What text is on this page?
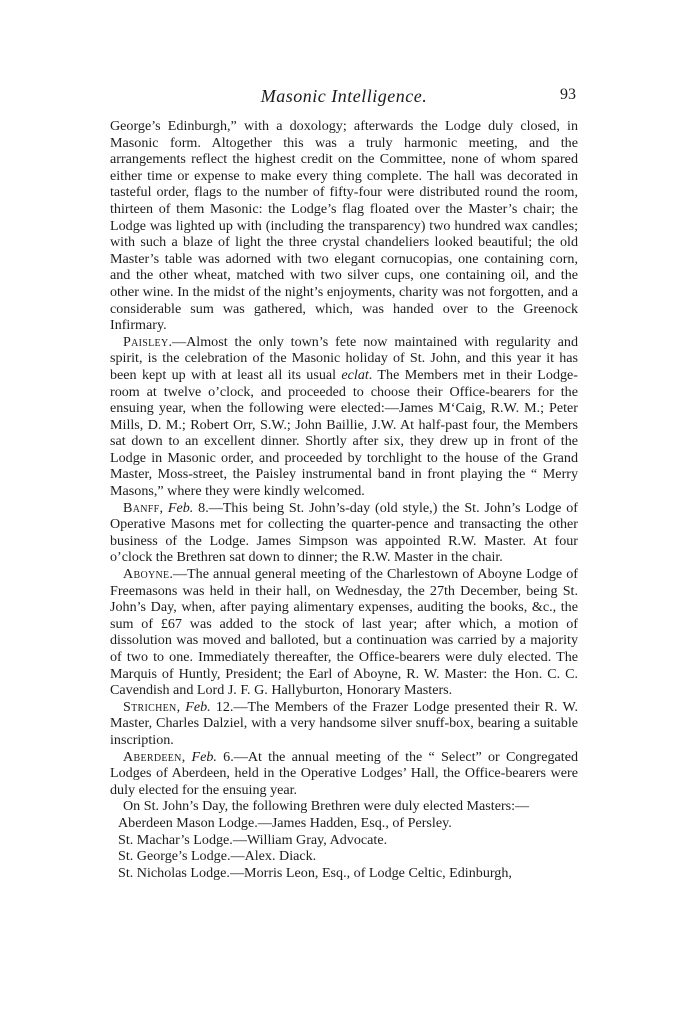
Masonic Intelligence.	93

George’s Edinburgh,” with a doxology; afterwards the Lodge duly closed, in Masonic form. Altogether this was a truly harmonic meeting, and the arrangements reflect the highest credit on the Committee, none of whom spared either time or expense to make every thing complete. The hall was decorated in tasteful order, flags to the number of fifty-four were distributed round the room, thirteen of them Masonic: the Lodge’s flag floated over the Master’s chair; the Lodge was lighted up with (including the transparency) two hundred wax candles; with such a blaze of light the three crystal chandeliers looked beautiful; the old Master’s table was adorned with two elegant cornucopias, one containing corn, and the other wheat, matched with two silver cups, one containing oil, and the other wine. In the midst of the night’s enjoyments, charity was not forgotten, and a considerable sum was gathered, which, was handed over to the Greenock Infirmary.

Paisley.—Almost the only town’s fete now maintained with regularity and spirit, is the celebration of the Masonic holiday of St. John, and this year it has been kept up with at least all its usual eclat. The Members met in their Lodge-room at twelve o’clock, and proceeded to choose their Office-bearers for the ensuing year, when the following were elected:—James M‘Caig, R.W. M.; Peter Mills, D. M.; Robert Orr, S.W.; John Baillie, J.W. At half-past four, the Members sat down to an excellent dinner. Shortly after six, they drew up in front of the Lodge in Masonic order, and proceeded by torchlight to the house of the Grand Master, Moss-street, the Paisley instrumental band in front playing the “ Merry Masons,” where they were kindly welcomed.

Banff, Feb. 8.—This being St. John’s-day (old style,) the St. John’s Lodge of Operative Masons met for collecting the quarter-pence and transacting the other business of the Lodge. James Simpson was appointed R.W. Master. At four o’clock the Brethren sat down to dinner; the R.W. Master in the chair.

Aboyne.—The annual general meeting of the Charlestown of Aboyne Lodge of Freemasons was held in their hall, on Wednesday, the 27th December, being St. John’s Day, when, after paying alimentary expenses, auditing the books, &c., the sum of £67 was added to the stock of last year; after which, a motion of dissolution was moved and balloted, but a continuation was carried by a majority of two to one. Immediately thereafter, the Office-bearers were duly elected. The Marquis of Huntly, President; the Earl of Aboyne, R. W. Master: the Hon. C. C. Cavendish and Lord J. F. G. Hallyburton, Honorary Masters.

Strichen, Feb. 12.—The Members of the Frazer Lodge presented their R. W. Master, Charles Dalziel, with a very handsome silver snuff-box, bearing a suitable inscription.

Aberdeen, Feb. 6.—At the annual meeting of the “ Select” or Congregated Lodges of Aberdeen, held in the Operative Lodges’ Hall, the Office-bearers were duly elected for the ensuing year.

On St. John’s Day, the following Brethren were duly elected Masters:—

Aberdeen Mason Lodge.—James Hadden, Esq., of Persley.
St. Machar’s Lodge.—William Gray, Advocate.
St. George’s Lodge.—Alex. Diack.
St. Nicholas Lodge.—Morris Leon, Esq., of Lodge Celtic, Edinburgh,
